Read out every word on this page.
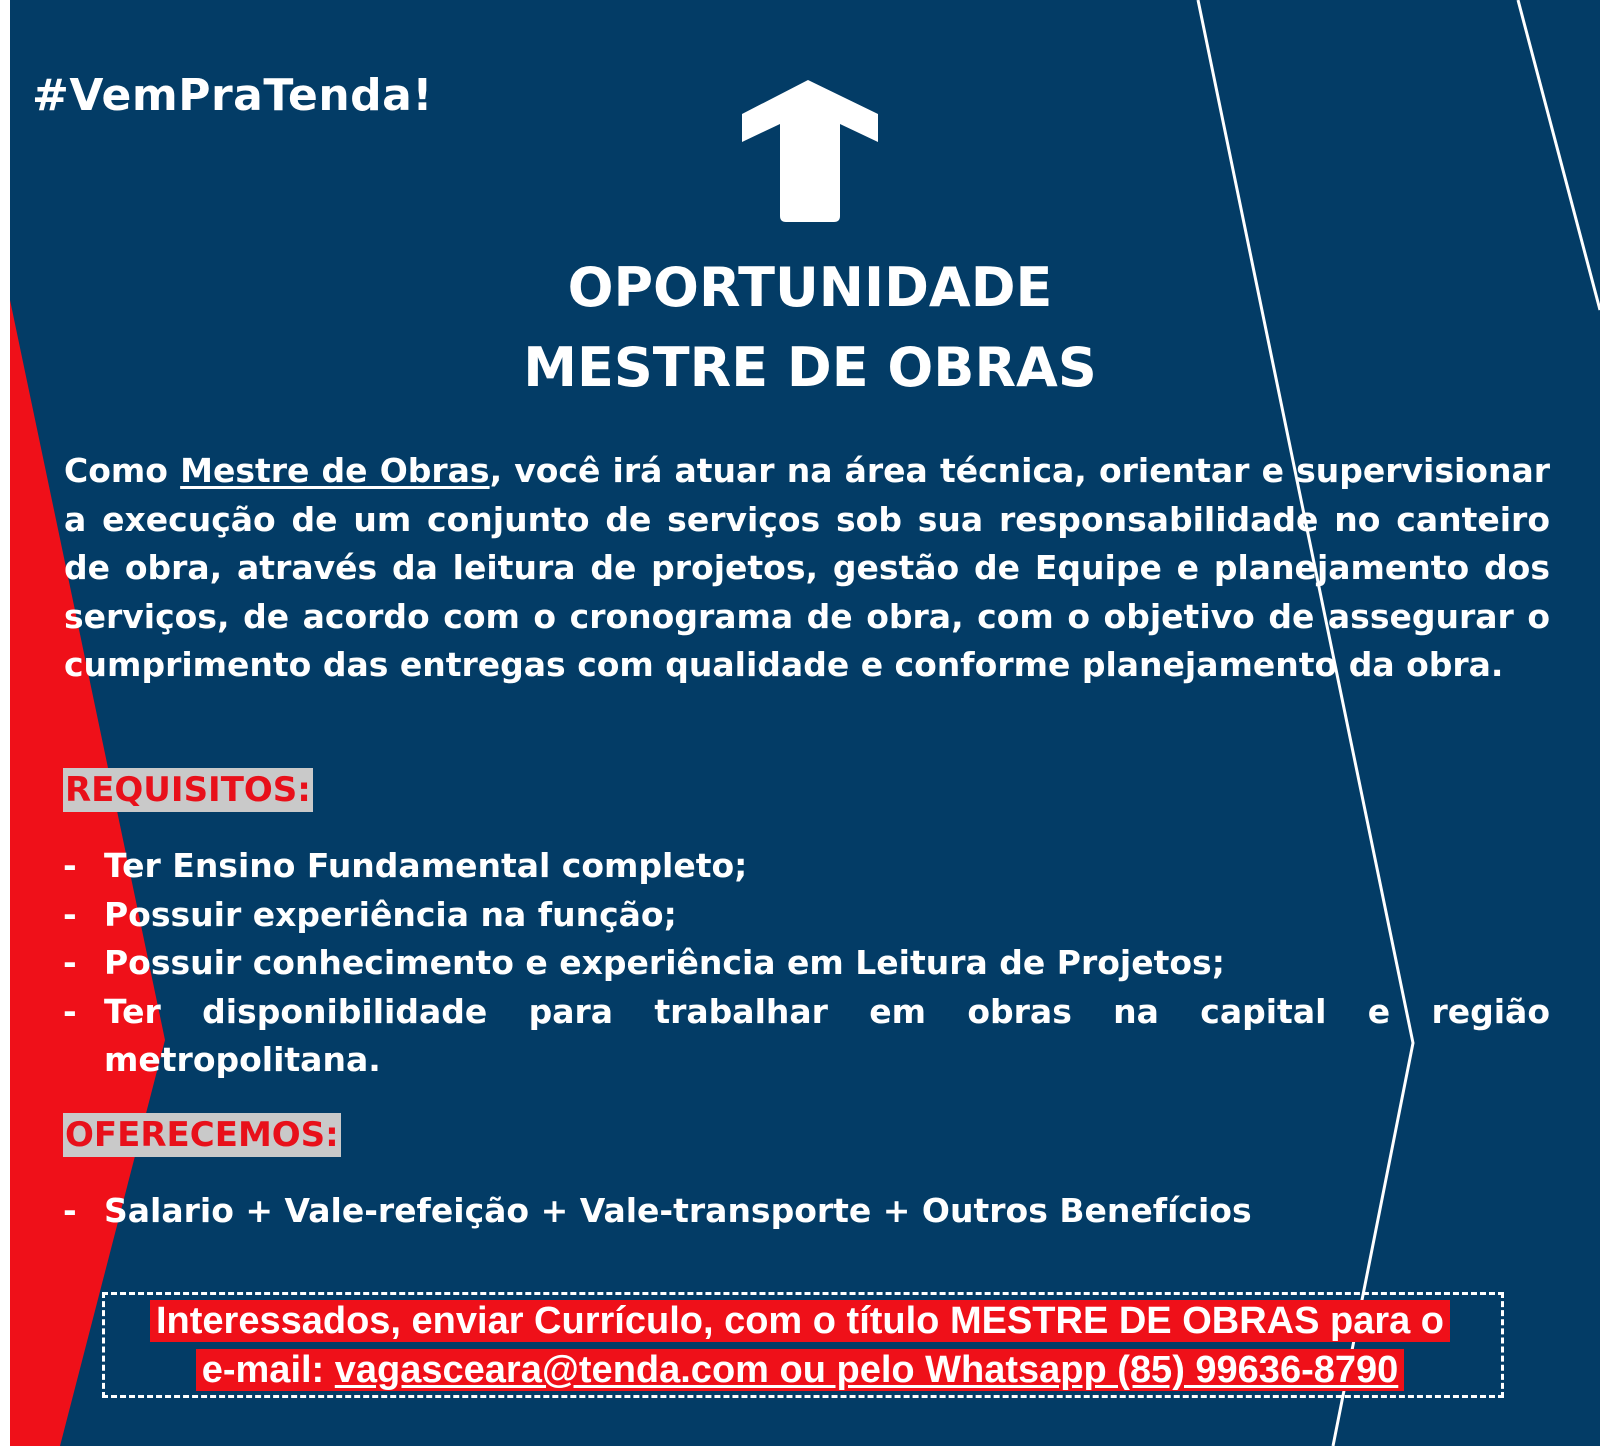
#VemPraTenda!
OPORTUNIDADE
MESTRE DE OBRAS
Como Mestre de Obras, você irá atuar na área técnica, orientar e supervisionar a execução de um conjunto de serviços sob sua responsabilidade no canteiro de obra, através da leitura de projetos, gestão de Equipe e planejamento dos serviços, de acordo com o cronograma de obra, com o objetivo de assegurar o cumprimento das entregas com qualidade e conforme planejamento da obra.
REQUISITOS:
- Ter Ensino Fundamental completo;
- Possuir experiência na função;
- Possuir conhecimento e experiência em Leitura de Projetos;
- Ter disponibilidade para trabalhar em obras na capital e região metropolitana.
OFERECEMOS:
- Salario + Vale-refeição + Vale-transporte + Outros Benefícios
Interessados, enviar Currículo, com o título MESTRE DE OBRAS para o
e-mail: vagasceara@tenda.com ou pelo Whatsapp (85) 99636-8790
